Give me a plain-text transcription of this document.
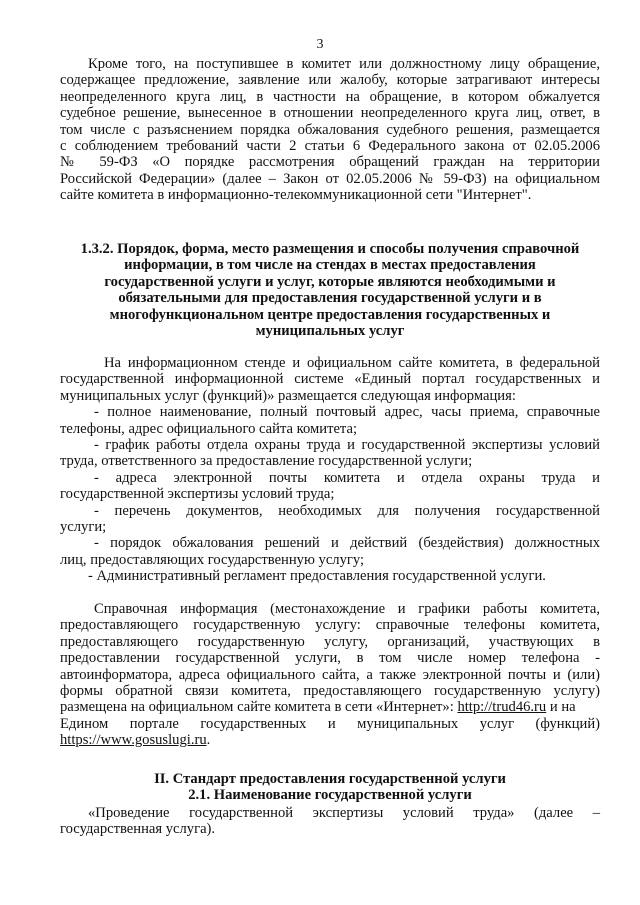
3

Кроме того, на поступившее в комитет или должностному лицу обращение,

содержащее предложение, заявление или жалобу, которые затрагивают интересы

неопределенного круга лиц, в частности на обращение, в котором обжалуется

судебное решение, вынесенное в отношении неопределенного круга лиц, ответ, в

том числе с разъяснением порядка обжалования судебного решения, размещается

с соблюдением требований части 2 статьи 6 Федерального закона от 02.05.2006

№ 59-ФЗ «О порядке рассмотрения обращений граждан на территории

Российской Федерации» (далее – Закон от 02.05.2006 № 59-ФЗ) на официальном

сайте комитета в информационно-телекоммуникационной сети "Интернет".

1.3.2. Порядок, форма, место размещения и способы получения справочной

информации, в том числе на стендах в местах предоставления

государственной услуги и услуг, которые являются необходимыми и

обязательными для предоставления государственной услуги и в

многофункциональном центре предоставления государственных и

муниципальных услуг

На информационном стенде и официальном сайте комитета, в федеральной

государственной информационной системе «Единый портал государственных и

муниципальных услуг (функций)» размещается следующая информация:

- полное наименование, полный почтовый адрес, часы приема, справочные

телефоны, адрес официального сайта комитета;

- график работы отдела охраны труда и государственной экспертизы условий

труда, ответственного за предоставление государственной услуги;

- адреса электронной почты комитета и отдела охраны труда и

государственной экспертизы условий труда;

- перечень документов, необходимых для получения государственной

услуги;

- порядок обжалования решений и действий (бездействия) должностных

лиц, предоставляющих государственную услугу;

- Административный регламент предоставления государственной услуги.

Справочная информация (местонахождение и графики работы комитета,

предоставляющего государственную услугу: справочные телефоны комитета,

предоставляющего государственную услугу, организаций, участвующих в

предоставлении государственной услуги, в том числе номер телефона -

автоинформатора, адреса официального сайта, а также электронной почты и (или)

формы обратной связи комитета, предоставляющего государственную услугу)

размещена на официальном сайте комитета в сети «Интернет»: http://trud46.ru и на

Едином портале государственных и муниципальных услуг (функций)

https://www.gosuslugi.ru.

II. Стандарт предоставления государственной услуги

2.1. Наименование государственной услуги

«Проведение государственной экспертизы условий труда» (далее –

государственная услуга).
